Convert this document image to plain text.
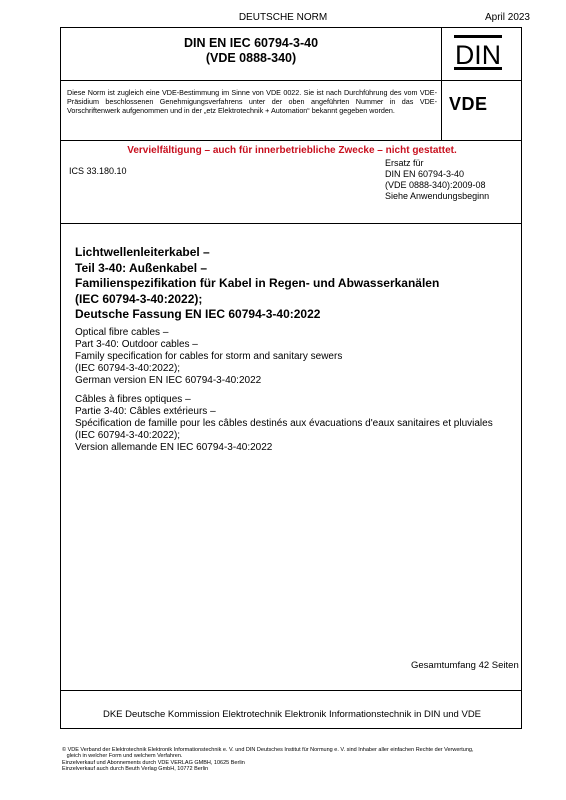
DEUTSCHE NORM	April 2023
DIN EN IEC 60794-3-40
(VDE 0888-340)	DIN
Diese Norm ist zugleich eine VDE-Bestimmung im Sinne von VDE 0022. Sie ist nach Durchführung des vom VDE-Präsidium beschlossenen Genehmigungsverfahrens unter der oben angeführten Nummer in das VDE-Vorschriftenwerk aufgenommen und in der „etz Elektrotechnik + Automation“ bekannt gegeben worden.	VDE
Vervielfältigung – auch für innerbetriebliche Zwecke – nicht gestattet.
ICS 33.180.10
Ersatz für
DIN EN 60794-3-40
(VDE 0888-340):2009-08
Siehe Anwendungsbeginn
Lichtwellenleiterkabel –
Teil 3-40: Außenkabel –
Familienspezifikation für Kabel in Regen- und Abwasserkanälen
(IEC 60794-3-40:2022);
Deutsche Fassung EN IEC 60794-3-40:2022
Optical fibre cables –
Part 3-40: Outdoor cables –
Family specification for cables for storm and sanitary sewers
(IEC 60794-3-40:2022);
German version EN IEC 60794-3-40:2022
Câbles à fibres optiques –
Partie 3-40: Câbles extérieurs –
Spécification de famille pour les câbles destinés aux évacuations d'eaux sanitaires et pluviales
(IEC 60794-3-40:2022);
Version allemande EN IEC 60794-3-40:2022
Gesamtumfang 42 Seiten
DKE Deutsche Kommission Elektrotechnik Elektronik Informationstechnik in DIN und VDE
© VDE Verband der Elektrotechnik Elektronik Informationstechnik e. V. und DIN Deutsches Institut für Normung e. V. sind Inhaber aller einfachen Rechte der Verwertung,
gleich in welcher Form und welchem Verfahren.
Einzelverkauf und Abonnements durch VDE VERLAG GMBH, 10625 Berlin
Einzelverkauf auch durch Beuth Verlag GmbH, 10772 Berlin
